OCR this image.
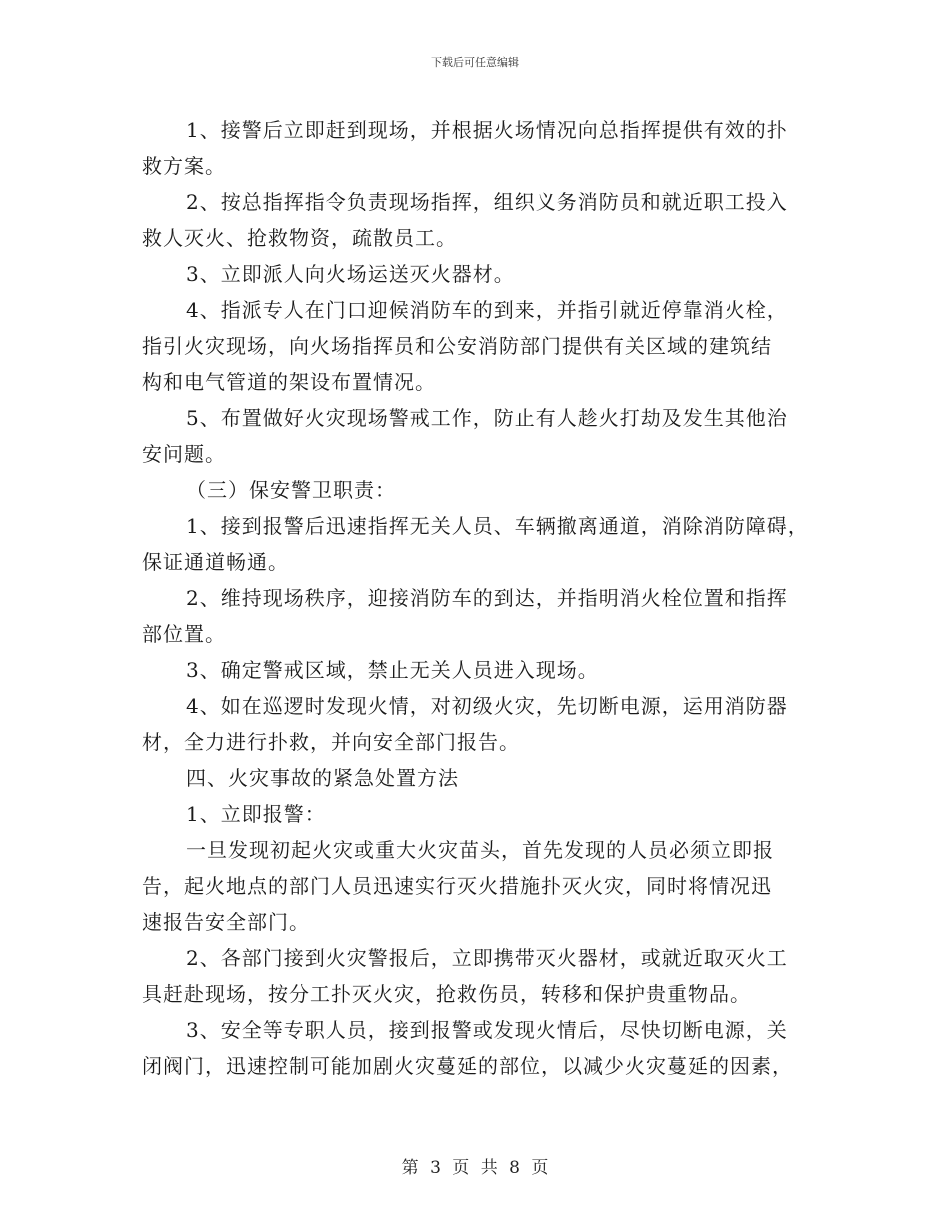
下载后可任意编辑
1、接警后立即赶到现场，并根据火场情况向总指挥提供有效的扑
救方案。
2、按总指挥指令负责现场指挥，组织义务消防员和就近职工投入
救人灭火、抢救物资，疏散员工。
3、立即派人向火场运送灭火器材。
4、指派专人在门口迎候消防车的到来，并指引就近停靠消火栓，
指引火灾现场，向火场指挥员和公安消防部门提供有关区域的建筑结
构和电气管道的架设布置情况。
5、布置做好火灾现场警戒工作，防止有人趁火打劫及发生其他治
安问题。
（三）保安警卫职责：
1、接到报警后迅速指挥无关人员、车辆撤离通道，消除消防障碍，
保证通道畅通。
2、维持现场秩序，迎接消防车的到达，并指明消火栓位置和指挥
部位置。
3、确定警戒区域，禁止无关人员进入现场。
4、如在巡逻时发现火情，对初级火灾，先切断电源，运用消防器
材，全力进行扑救，并向安全部门报告。
四、火灾事故的紧急处置方法
1、立即报警：
一旦发现初起火灾或重大火灾苗头，首先发现的人员必须立即报
告，起火地点的部门人员迅速实行灭火措施扑灭火灾，同时将情况迅
速报告安全部门。
2、各部门接到火灾警报后，立即携带灭火器材，或就近取灭火工
具赶赴现场，按分工扑灭火灾，抢救伤员，转移和保护贵重物品。
3、安全等专职人员，接到报警或发现火情后，尽快切断电源，关
闭阀门，迅速控制可能加剧火灾蔓延的部位，以减少火灾蔓延的因素，
第 3 页 共 8 页
